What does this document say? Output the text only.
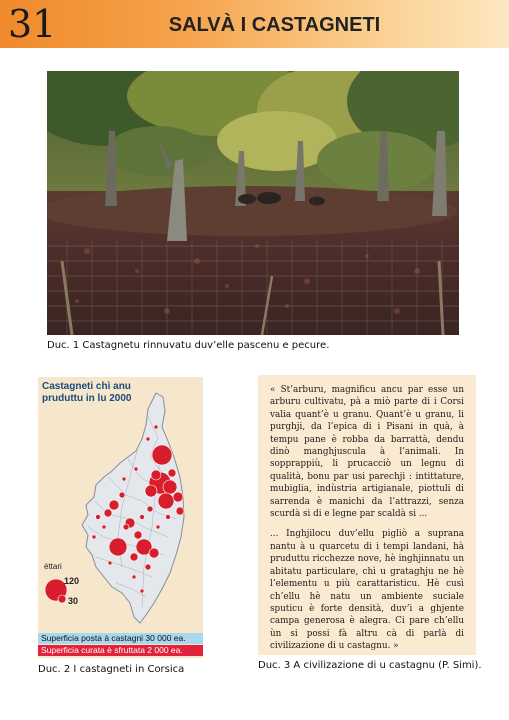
31	SALVÀ I CASTAGNETI
Duc. 1 Castagnetu rinnuvatu duv’elle pascenu e pecure.
Castagneti chì anu pruduttu in lu 2000
èttari
120
30
Superficia posta à castagni 30 000 ea.
Superficia curata è sfruttata 2 000 ea.
Duc. 2 I castagneti in Corsica

« St’arburu, magnificu ancu par esse un arburu cultivatu, pà a miò parte di i Corsi valia quant’è u granu. Quant’è u granu, li purghji, da l’epica di i Pisani in quà, à tempu pane è robba da barrattà, dendu dinò manghjuscula à l’animali. In sopprappiù, li prucacciò un legnu di qualità, bonu par usi parechji : intittature, mubiglia, indùstria artigianale, piottuli di sarrenda è manichi da l’attrazzi, senza scurdà si di e legne par scaldà si ...

... Inghjilocu duv’ellu pigliò a suprana nantu à u quarcetu di i tempi landani, hà pruduttu ricchezze nove, hè inghjinnatu un abitatu particulare, chì u grataghju ne hè l’elementu u più carattaristicu. Hè cusì ch’ellu hè natu un ambiente suciale sputicu è forte densità, duv’i a ghjente campa generosa è alegra. Ci pare ch’ellu ùn si possi fà altru cà di parlà di civilizazione di u castagnu. »

Duc. 3 A civilizazione di u castagnu (P. Simi).
